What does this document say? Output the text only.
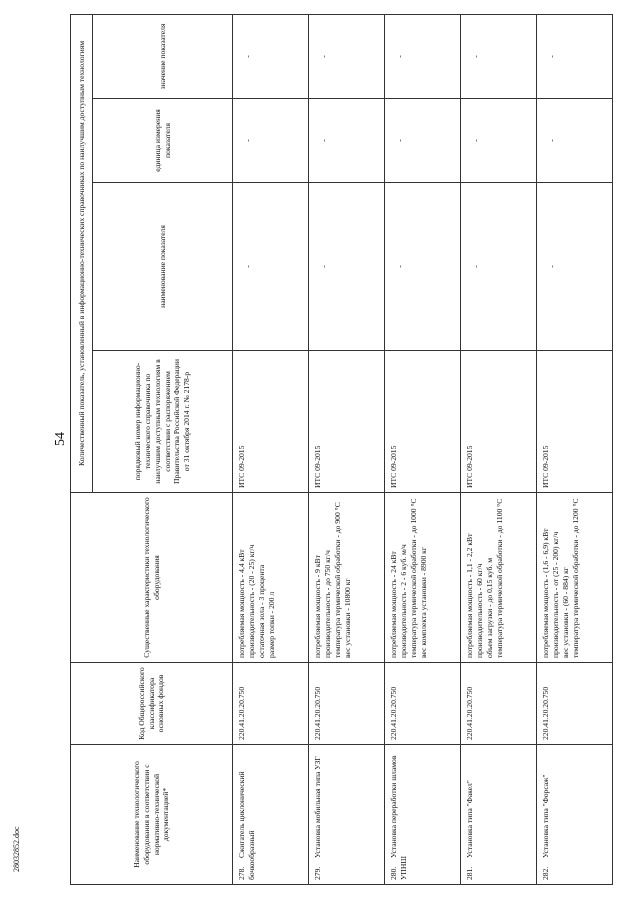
54
28032852.doc	Наименование технологического оборудования в соответствии с нормативно-технической документацией*	Код Общероссийского классификатора основных фондов	Существенные характеристики технологического оборудования	Количественный показатель, установленный в информационно-технических справочниках по наилучшим доступным технологиям			
			порядковый номер информационно-технического справочника по наилучшим доступным технологиям в соответствии с распоряжением Правительства Российской Федерации от 31 октября 2014 г. № 2178-р	наименование показателя	единица измерения показателя	значение показателя
278.Сжигатель циклонический бочкообразный	220.41.20.20.750	потребляемая мощность - 4,4 кВт производительность - (20 - 25) кг/ч остаточная зола - 3 процента размер топки - 200 л	ИТС 09-2015	-	-	-
279.Установка мобильная типа УЗГ	220.41.20.20.750	потребляемая мощность - 9 кВт производительность - до 750 кг/ч температура термической обработки - до 900 °С вес установки - 10800 кг	ИТС 09-2015	-	-	-
280.Установка переработки шламов УПНШ	220.41.20.20.750	потребляемая мощность - 24 кВт производительность - 2 - 6 куб. м/ч температура термической обработки - до 1000 °С вес комплекта установки - 8900 кг	ИТС 09-2015	-	-	-
281.Установка типа "Факел"	220.41.20.20.750	потребляемая мощность - 1,1 - 2,2 кВт производительность - 60 кг/ч объем загрузки - до 0,15 куб. м температура термической обработки - до 1100 °С	ИТС 09-2015	-	-	-
282.Установка типа "Форсаж"	220.41.20.20.750	потребляемая мощность - (1,6 - 6,9) кВт производительность - от (25 - 200) кг/ч вес установки - (60 - 884) кг температура термической обработки - до 1200 °С	ИТС 09-2015	-	-	-
